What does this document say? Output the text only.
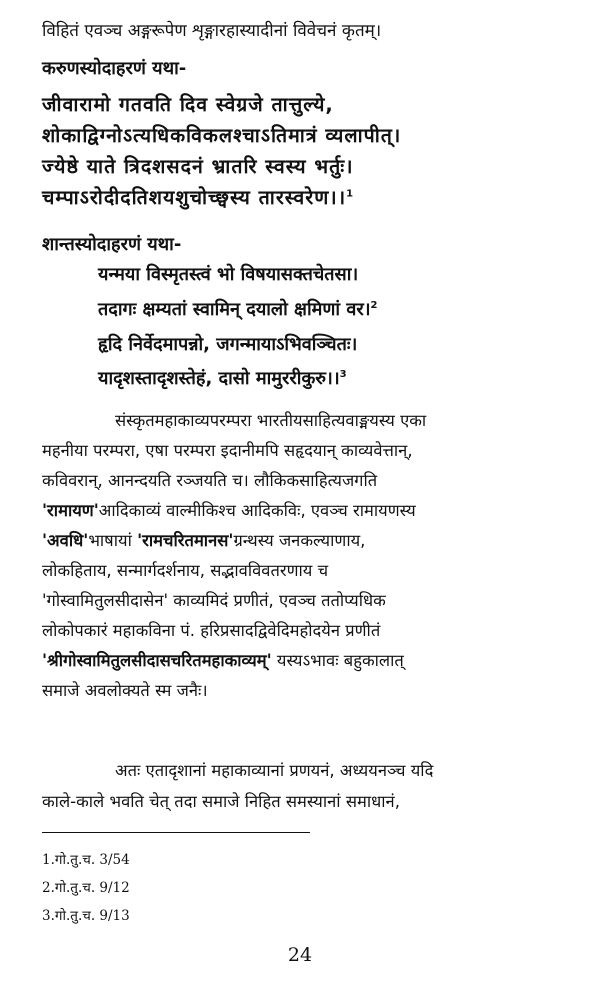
विहितं एवञ्च अङ्गरूपेण शृङ्गारहास्यादीनां विवेचनं कृतम्।
करुणस्योदाहरणं यथा-
जीवारामो गतवति दिव स्वेग्रजे तात्तुल्ये,
शोकाद्विग्नोऽत्यधिकविकलश्चाऽतिमात्रं व्यलापीत्।
ज्येष्ठे याते त्रिदशसदनं भ्रातरि स्वस्य भर्तुः।
चम्पाऽरोदीदतिशयशुचोच्छ्वस्य तारस्वरेण।।$^1$
शान्तस्योदाहरणं यथा-
यन्मया विस्मृतस्त्वं भो विषयासक्तचेतसा।
तदागः क्षम्यतां स्वामिन् दयालो क्षमिणां वर।$^2$
हृदि निर्वेदमापन्नो, जगन्मायाऽभिवञ्चितः।
यादृशस्तादृशस्तेहं, दासो मामुररीकुरु।।$^3$
संस्कृतमहाकाव्यपरम्परा भारतीयसाहित्यवाङ्मयस्य एका
महनीया परम्परा, एषा परम्परा इदानीमपि सहृदयान् काव्यवेत्तान्,
कविवरान्, आनन्दयति रञ्जयति च। लौकिकसाहित्यजगति
'रामायण'आदिकाव्यं वाल्मीकिश्च आदिकविः, एवञ्च रामायणस्य
'अवधि'भाषायां 'रामचरितमानस'ग्रन्थस्य जनकल्याणाय,
लोकहिताय, सन्मार्गदर्शनाय, सद्भावविवतरणाय च
'गोस्वामितुलसीदासेन' काव्यमिदं प्रणीतं, एवञ्च ततोप्यधिक
लोकोपकारं महाकविना पं. हरिप्रसादद्विवेदिमहोदयेन प्रणीतं
'श्रीगोस्वामितुलसीदासचरितमहाकाव्यम्' यस्यऽभावः बहुकालात्
समाजे अवलोक्यते स्म जनैः।
अतः एतादृशानां महाकाव्यानां प्रणयनं, अध्ययनञ्च यदि
काले-काले भवति चेत् तदा समाजे निहित समस्यानां समाधानं,
1.गो.तु.च. 3/54
2.गो.तु.च. 9/12
3.गो.तु.च. 9/13
24
